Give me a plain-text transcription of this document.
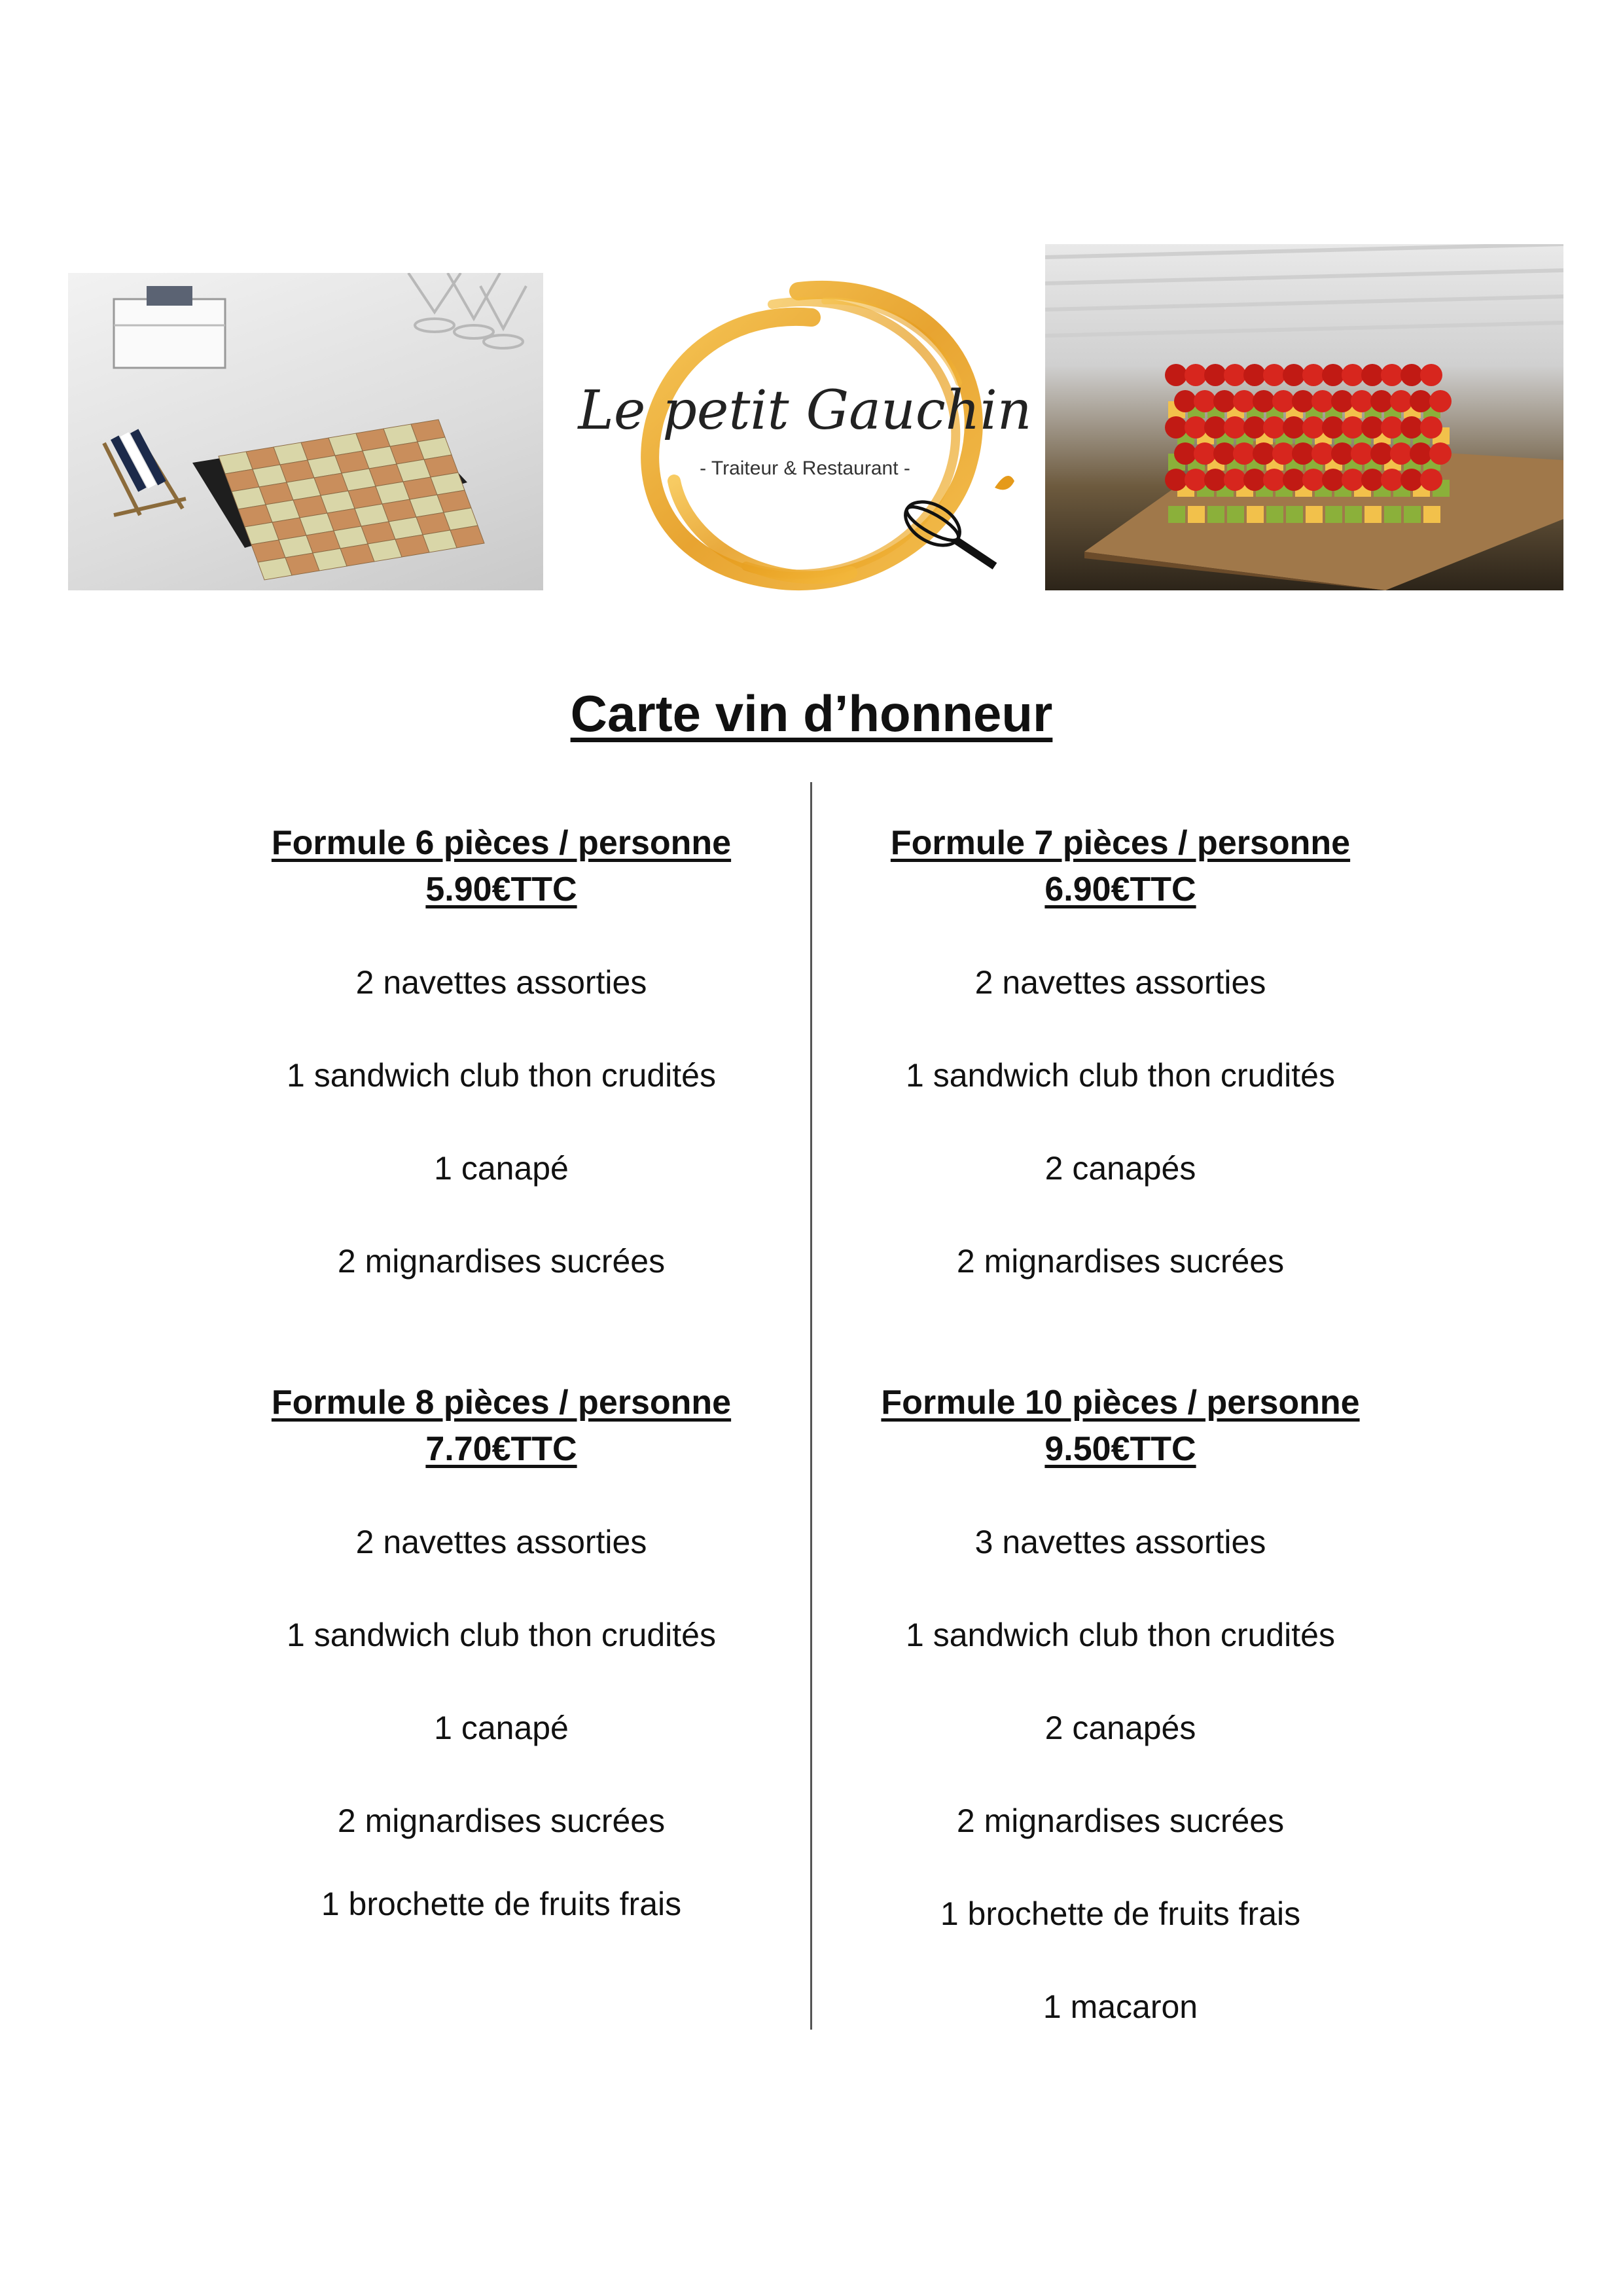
Le petit Gauchin
- Traiteur & Restaurant -
Carte vin d’honneur
Formule 6 pièces / personne
5.90€TTC
2 navettes assorties
1 sandwich club thon crudités
1 canapé
2 mignardises sucrées
Formule 7 pièces / personne
6.90€TTC
2 navettes assorties
1 sandwich club thon crudités
2 canapés
2 mignardises sucrées
Formule 8 pièces / personne
7.70€TTC
2 navettes assorties
1 sandwich club thon crudités
1 canapé
2 mignardises sucrées
1 brochette de fruits frais
Formule 10 pièces / personne
9.50€TTC
3 navettes assorties
1 sandwich club thon crudités
2 canapés
2 mignardises sucrées
1 brochette de fruits frais
1 macaron
